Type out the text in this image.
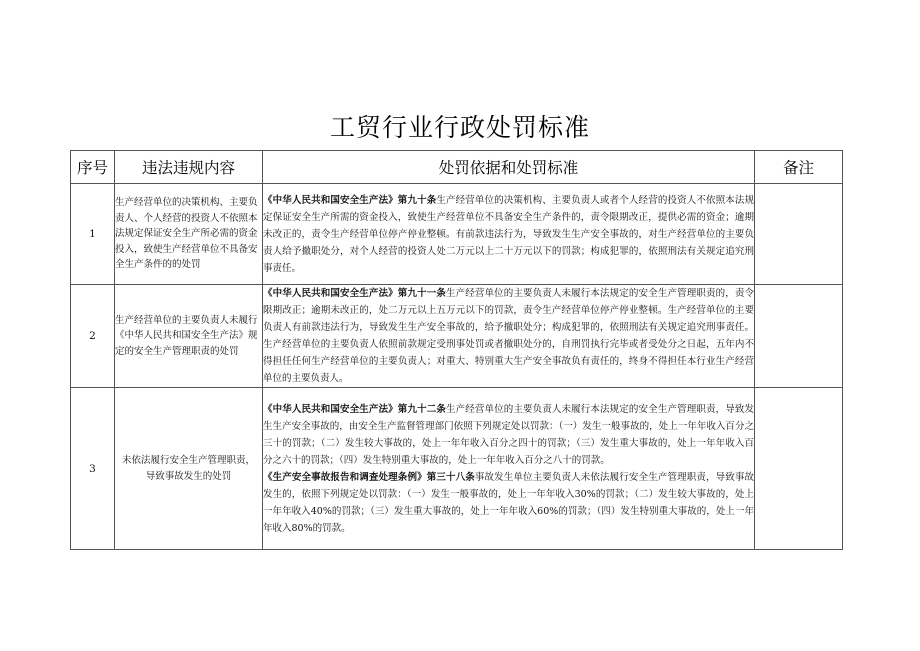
工贸行业行政处罚标准
序号	违法违规内容	处罚依据和处罚标准	备注
1	生产经营单位的决策机构、主要负责人、个人经营的投资人不依照本法规定保证安全生产所必需的资金投入，致使生产经营单位不具备安全生产条件的的处罚	《中华人民共和国安全生产法》第九十条生产经营单位的决策机构、主要负责人或者个人经营的投资人不依照本法规定保证安全生产所需的资金投入，致使生产经营单位不具备安全生产条件的，责令限期改正，提供必需的资金；逾期未改正的，责令生产经营单位停产停业整顿。有前款违法行为，导致发生生产安全事故的，对生产经营单位的主要负责人给予撤职处分，对个人经营的投资人处二万元以上二十万元以下的罚款；构成犯罪的，依照刑法有关规定追究刑事责任。	

2	生产经营单位的主要负责人未履行《中华人民共和国安全生产法》规定的安全生产管理职责的处罚	《中华人民共和国安全生产法》第九十一条生产经营单位的主要负责人未履行本法规定的安全生产管理职责的，责令限期改正；逾期未改正的，处二万元以上五万元以下的罚款，责令生产经营单位停产停业整顿。生产经营单位的主要负责人有前款违法行为，导致发生生产安全事故的，给予撤职处分；构成犯罪的，依照刑法有关规定追究刑事责任。生产经营单位的主要负责人依照前款规定受刑事处罚或者撤职处分的，自刑罚执行完毕或者受处分之日起，五年内不得担任任何生产经营单位的主要负责人；对重大、特别重大生产安全事故负有责任的，终身不得担任本行业生产经营单位的主要负责人。	

3	未依法履行安全生产管理职责，导致事故发生的处罚	《中华人民共和国安全生产法》第九十二条生产经营单位的主要负责人未履行本法规定的安全生产管理职责，导致发生生产安全事故的，由安全生产监督管理部门依照下列规定处以罚款：（一）发生一般事故的，处上一年年收入百分之三十的罚款；（二）发生较大事故的，处上一年年收入百分之四十的罚款；（三）发生重大事故的，处上一年年收入百分之六十的罚款；（四）发生特别重大事故的，处上一年年收入百分之八十的罚款。

《生产安全事故报告和调查处理条例》第三十八条事故发生单位主要负责人未依法履行安全生产管理职责，导致事故发生的，依照下列规定处以罚款：（一）发生一般事故的，处上一年年收入30%的罚款；（二）发生较大事故的，处上一年年收入40%的罚款；（三）发生重大事故的，处上一年年收入60%的罚款；（四）发生特别重大事故的，处上一年年收入80%的罚款。	
